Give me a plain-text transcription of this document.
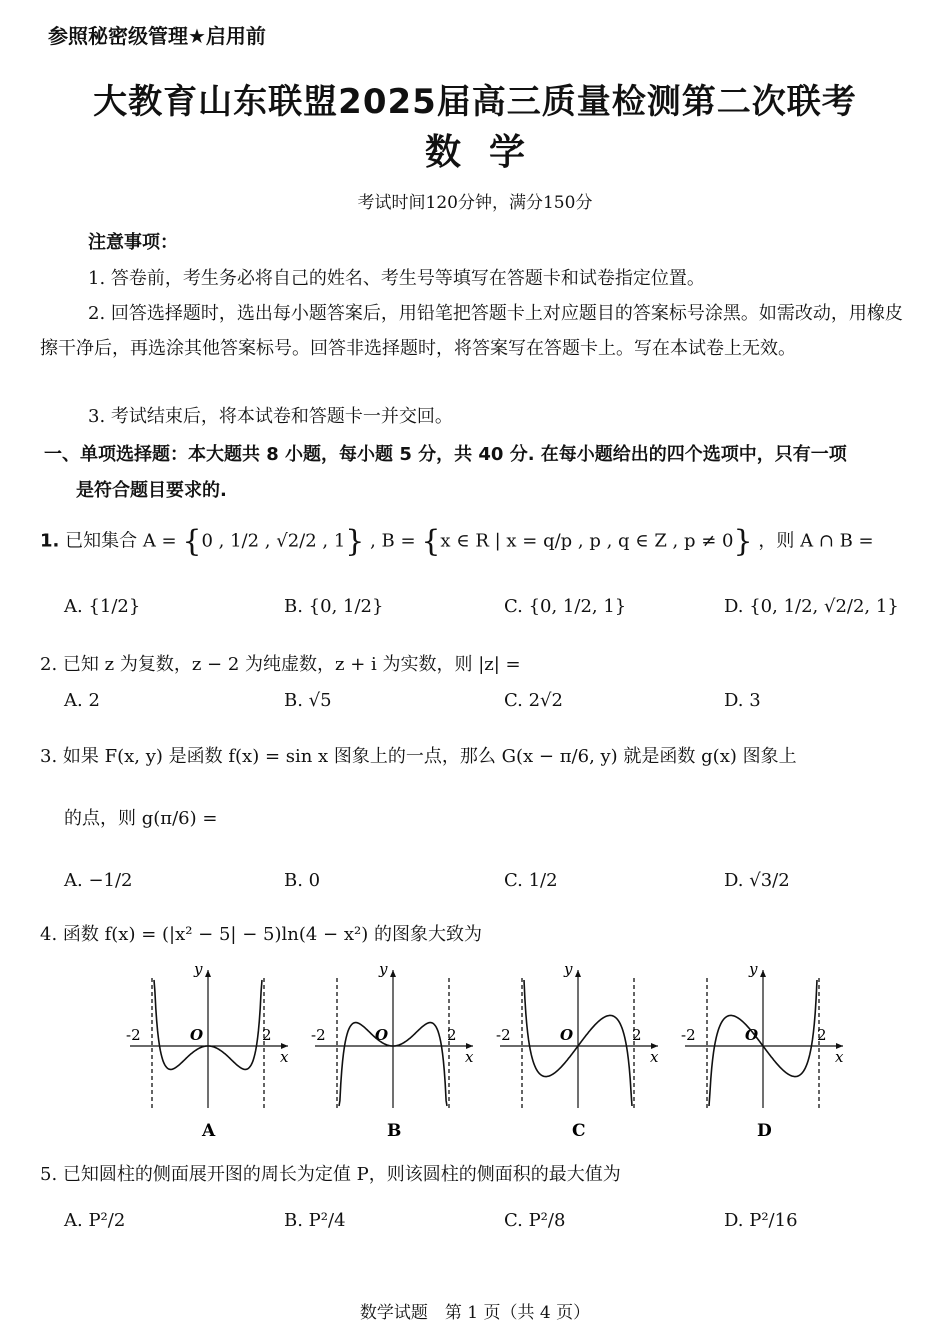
参照秘密级管理★启用前
大教育山东联盟2025届高三质量检测第二次联考
数学
考试时间120分钟，满分150分
注意事项：
1. 答卷前，考生务必将自己的姓名、考生号等填写在答题卡和试卷指定位置。
2. 回答选择题时，选出每小题答案后，用铅笔把答题卡上对应题目的答案标号涂黑。如需改动，用橡皮擦干净后，再选涂其他答案标号。回答非选择题时，将答案写在答题卡上。写在本试卷上无效。
3. 考试结束后，将本试卷和答题卡一并交回。
一、单项选择题：本大题共 8 小题，每小题 5 分，共 40 分. 在每小题给出的四个选项中，只有一项
是符合题目要求的.
1. 已知集合 A = {0 , 1/2 , √2/2 , 1} , B = {x ∈ R | x = q/p , p , q ∈ Z , p ≠ 0} ，则 A ∩ B =
A. {1/2}	B. {0, 1/2}	C. {0, 1/2, 1}	D. {0, 1/2, √2/2, 1}
2. 已知 z 为复数，z − 2 为纯虚数，z + i 为实数，则 |z| =
A. 2	B. √5	C. 2√2	D. 3
3. 如果 F(x, y) 是函数 f(x) = sin x 图象上的一点，那么 G(x − π/6, y) 就是函数 g(x) 图象上
的点，则 g(π/6) =
A. −1/2	B. 0	C. 1/2	D. √3/2
4. 函数 f(x) = (|x² − 5| − 5)ln(4 − x²) 的图象大致为
y
x
O
-2	2
A
y
x
O
-2	2
B
y
x
O
-2	2
C
y
x
O
-2	2
D
5. 已知圆柱的侧面展开图的周长为定值 P，则该圆柱的侧面积的最大值为
A. P²/2	B. P²/4	C. P²/8	D. P²/16
数学试题　第 1 页（共 4 页）
